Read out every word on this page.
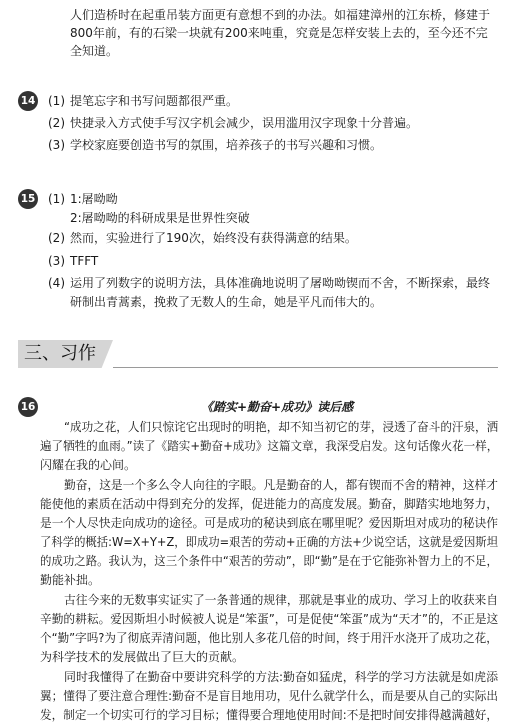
人们造桥时在起重吊装方面更有意想不到的办法。如福建漳州的江东桥，修建于
800年前，有的石梁一块就有200来吨重，究竟是怎样安装上去的，至今还不完
全知道。
14 (1) 提笔忘字和书写问题都很严重。
(2) 快捷录入方式使手写汉字机会减少，误用滥用汉字现象十分普遍。
(3) 学校家庭要创造书写的氛围，培养孩子的书写兴趣和习惯。
15 (1) 1:屠呦呦
2:屠呦呦的科研成果是世界性突破
(2) 然而，实验进行了190次，始终没有获得满意的结果。
(3) TFFT
(4) 运用了列数字的说明方法，具体准确地说明了屠呦呦锲而不舍，不断探索，最终
研制出青蒿素，挽救了无数人的生命，她是平凡而伟大的。
三、习作
16	《踏实+勤奋+成功》读后感
“成功之花，人们只惊诧它出现时的明艳，却不知当初它的芽，浸透了奋斗的汗泉，洒
遍了牺牲的血雨。”读了《踏实+勤奋+成功》这篇文章，我深受启发。这句话像火花一样，
闪耀在我的心间。
勤奋，这是一个多么令人向往的字眼。凡是勤奋的人，都有锲而不舍的精神，这样才
能使他的素质在活动中得到充分的发挥，促进能力的高度发展。勤奋，脚踏实地地努力，
是一个人尽快走向成功的途径。可是成功的秘诀到底在哪里呢？爱因斯坦对成功的秘诀作
了科学的概括:W=X+Y+Z，即成功=艰苦的劳动+正确的方法+少说空话，这就是爱因斯坦
的成功之路。我认为，这三个条件中“艰苦的劳动”，即“勤”是在于它能弥补智力上的不足，
勤能补拙。
古往今来的无数事实证实了一条普通的规律，那就是事业的成功、学习上的收获来自
辛勤的耕耘。爱因斯坦小时候被人说是“笨蛋”，可是促使“笨蛋”成为“天才”的，不正是这
个“勤”字吗?为了彻底弄清问题，他比别人多花几倍的时间，终于用汗水浇开了成功之花，
为科学技术的发展做出了巨大的贡献。
同时我懂得了在勤奋中要讲究科学的方法:勤奋如猛虎，科学的学习方法就是如虎添
翼；懂得了要注意合理性:勤奋不是盲目地用功，见什么就学什么，而是要从自己的实际出
发，制定一个切实可行的学习目标；懂得要合理地使用时间:不是把时间安排得越满越好，
